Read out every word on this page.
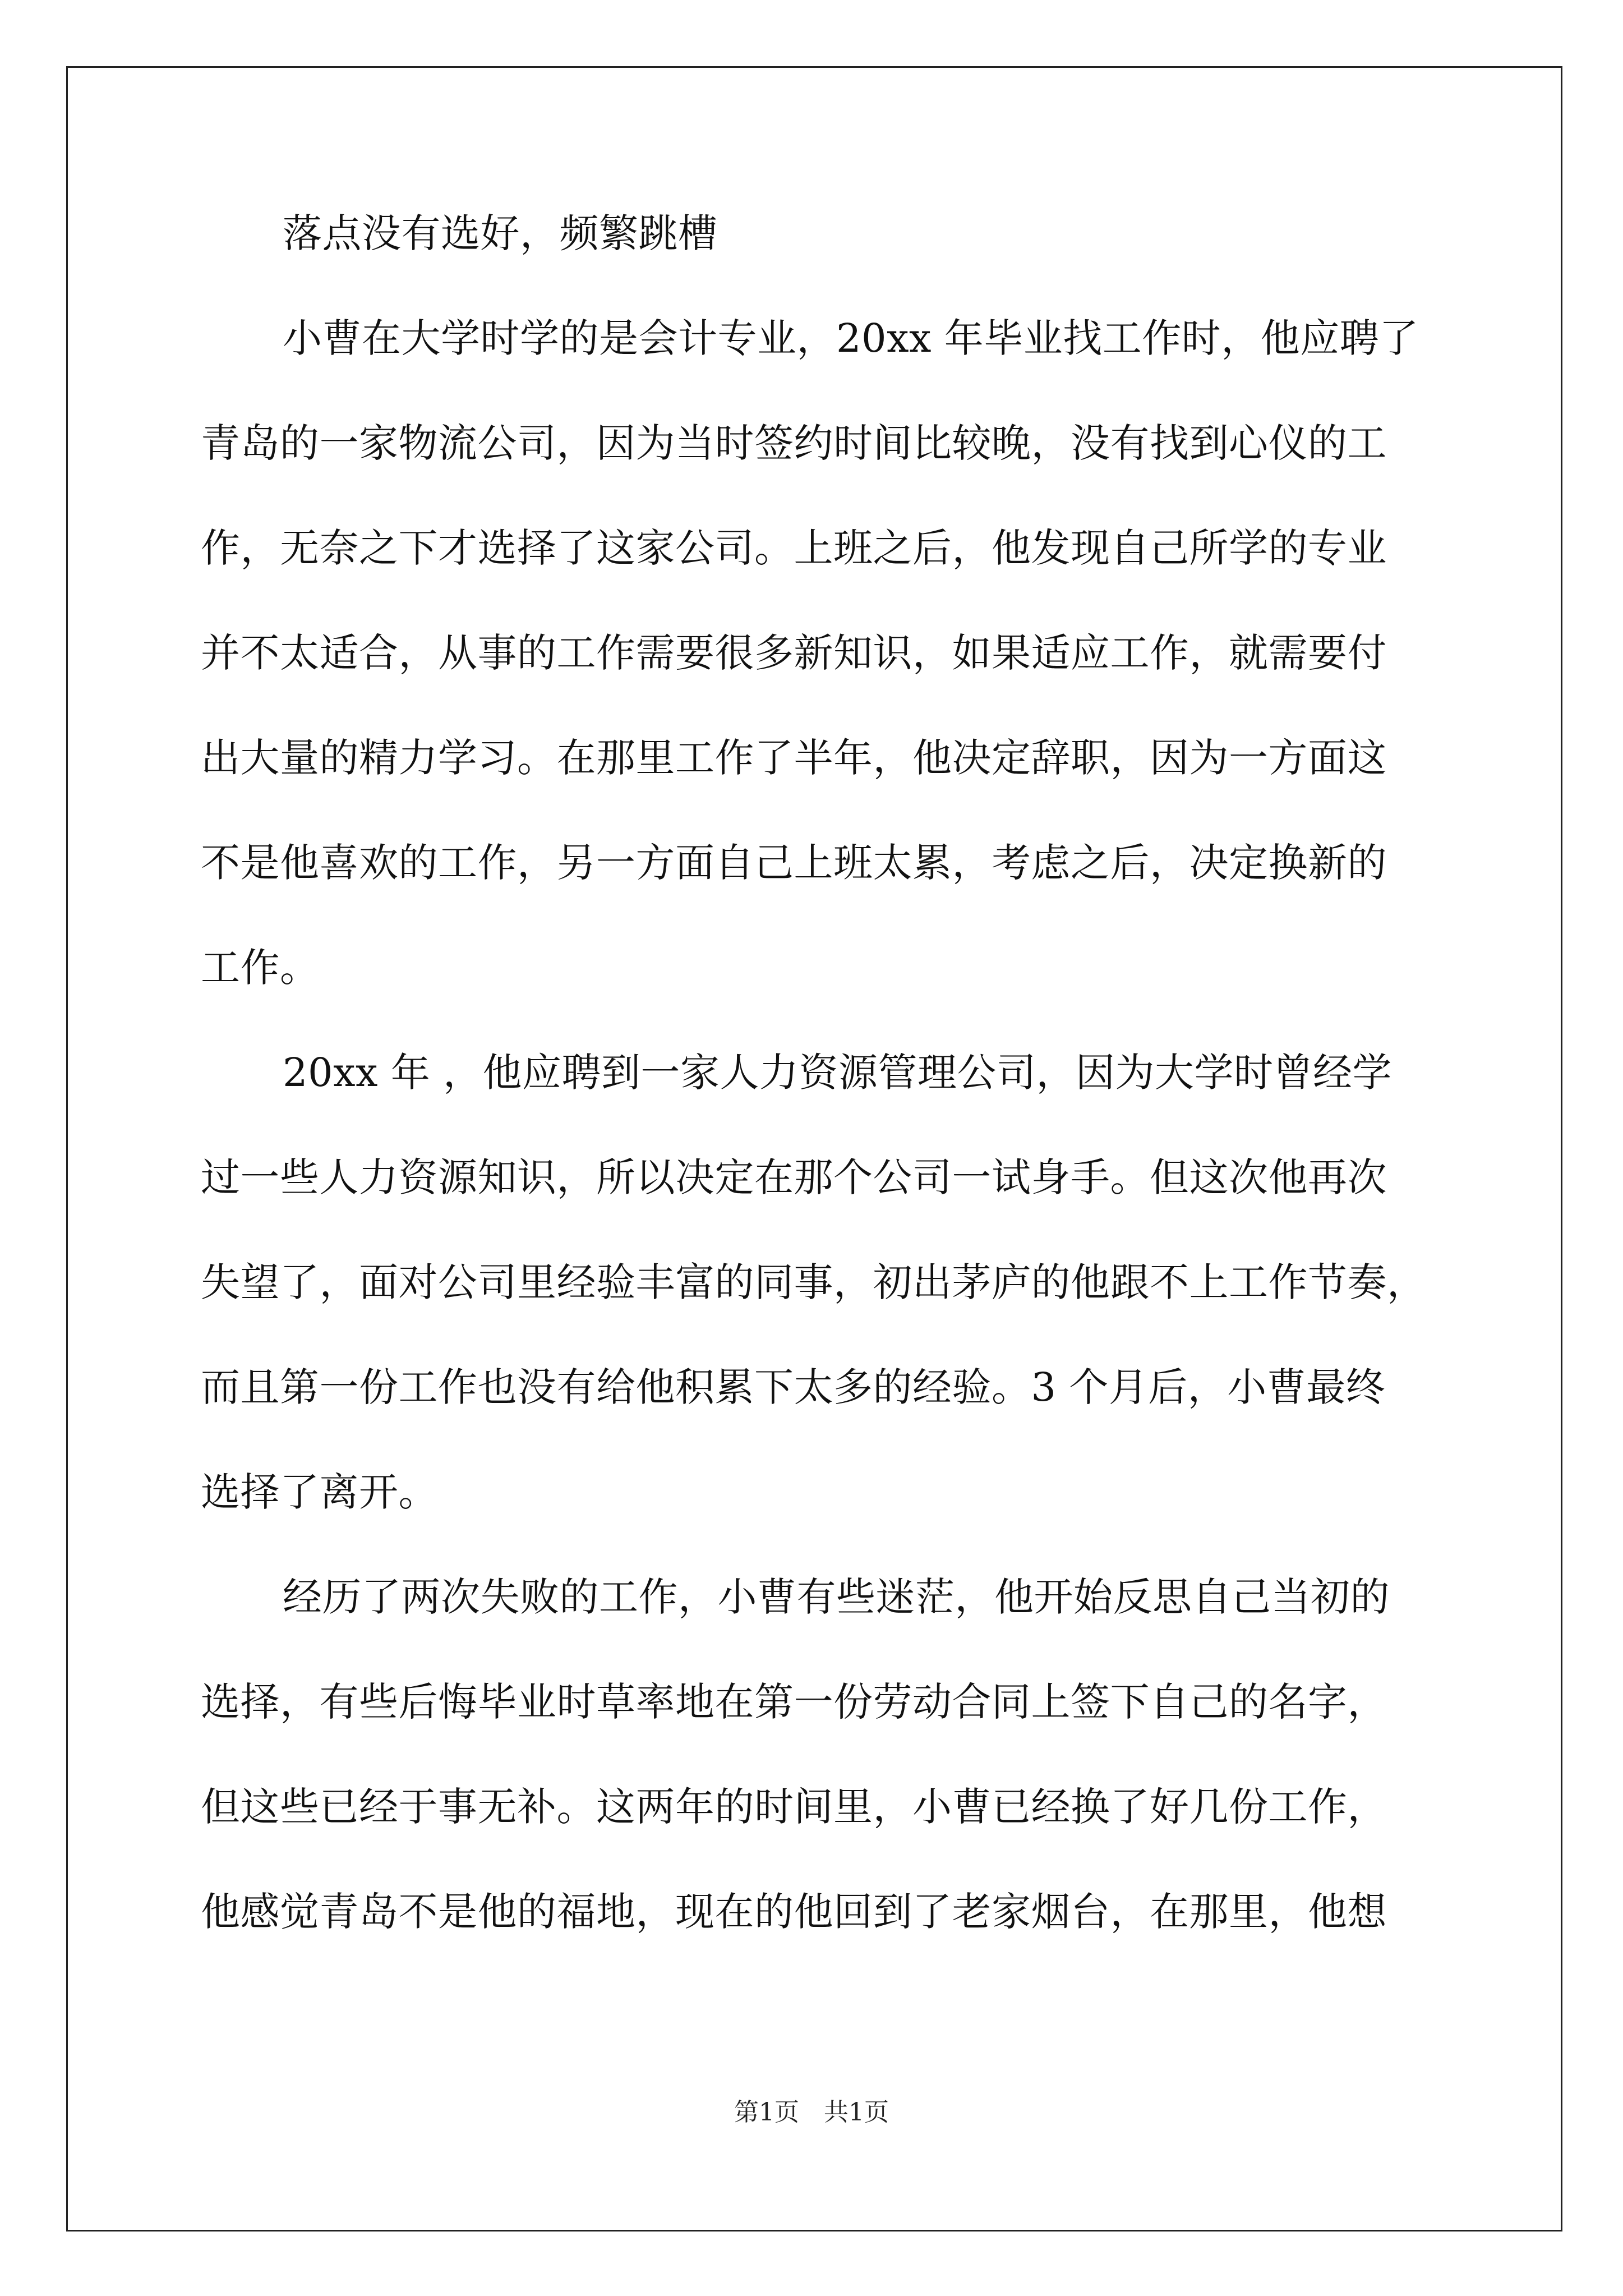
落点没有选好，频繁跳槽
小曹在大学时学的是会计专业，20xx 年毕业找工作时，他应聘了
青岛的一家物流公司，因为当时签约时间比较晚，没有找到心仪的工
作，无奈之下才选择了这家公司。上班之后，他发现自己所学的专业
并不太适合，从事的工作需要很多新知识，如果适应工作，就需要付
出大量的精力学习。在那里工作了半年，他决定辞职，因为一方面这
不是他喜欢的工作，另一方面自己上班太累，考虑之后，决定换新的
工作。
20xx 年 ，他应聘到一家人力资源管理公司，因为大学时曾经学
过一些人力资源知识，所以决定在那个公司一试身手。但这次他再次
失望了，面对公司里经验丰富的同事，初出茅庐的他跟不上工作节奏，
而且第一份工作也没有给他积累下太多的经验。3 个月后，小曹最终
选择了离开。
经历了两次失败的工作，小曹有些迷茫，他开始反思自己当初的
选择，有些后悔毕业时草率地在第一份劳动合同上签下自己的名字，
但这些已经于事无补。这两年的时间里，小曹已经换了好几份工作，
他感觉青岛不是他的福地，现在的他回到了老家烟台，在那里，他想
第1页　共1页
